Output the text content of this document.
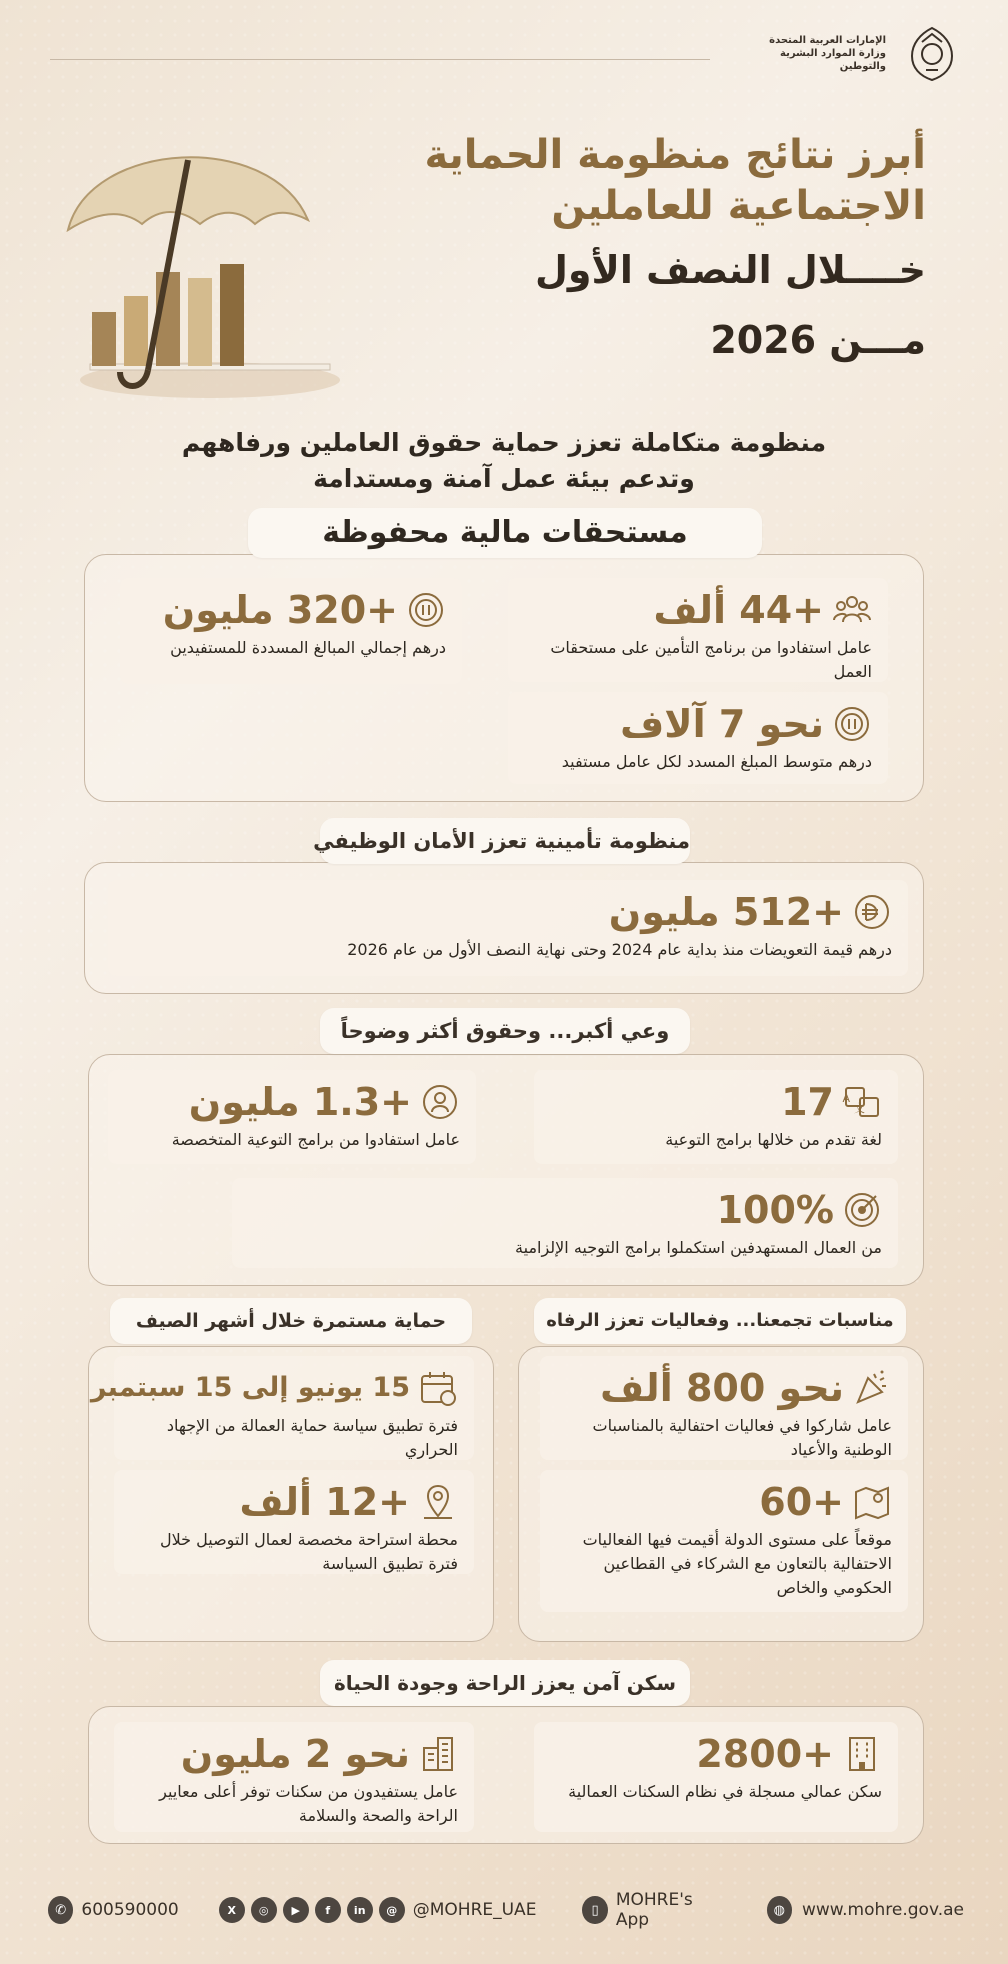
الإمارات العربية المتحدة
وزارة الموارد البشرية
والتوطين
أبرز نتائج منظومة الحماية
الاجتماعية للعاملين
خــــلال النصف الأول
مـــن 2026
منظومة متكاملة تعزز حماية حقوق العاملين ورفاههم
وتدعم بيئة عمل آمنة ومستدامة
مستحقات مالية محفوظة
+44 ألف
عامل استفادوا من برنامج التأمين على مستحقات العمل
+320 مليون
درهم إجمالي المبالغ المسددة للمستفيدين
نحو 7 آلاف
درهم متوسط المبلغ المسدد لكل عامل مستفيد
منظومة تأمينية تعزز الأمان الوظيفي
+512 مليون
درهم قيمة التعويضات منذ بداية عام 2024 وحتى نهاية النصف الأول من عام 2026
وعي أكبر... وحقوق أكثر وضوحاً
A
文
17
لغة تقدم من خلالها برامج التوعية
+1.3 مليون
عامل استفادوا من برامج التوعية المتخصصة
100%
من العمال المستهدفين استكملوا برامج التوجيه الإلزامية
مناسبات تجمعنا... وفعاليات تعزز الرفاه
نحو 800 ألف
عامل شاركوا في فعاليات احتفالية بالمناسبات الوطنية والأعياد
+60
موقعاً على مستوى الدولة أقيمت فيها الفعاليات الاحتفالية بالتعاون مع الشركاء في القطاعين الحكومي والخاص
حماية مستمرة خلال أشهر الصيف
15 يونيو إلى 15 سبتمبر
فترة تطبيق سياسة حماية العمالة من الإجهاد الحراري
+12 ألف
محطة استراحة مخصصة لعمال التوصيل خلال فترة تطبيق السياسة
سكن آمن يعزز الراحة وجودة الحياة
+2800
سكن عمالي مسجلة في نظام السكنات العمالية
نحو 2 مليون
عامل يستفيدون من سكنات توفر أعلى معايير الراحة والصحة والسلامة
✆ 600590000	X	◎	▶	f	in	@ @MOHRE_UAE	▯	MOHRE's App	◍	www.mohre.gov.ae
